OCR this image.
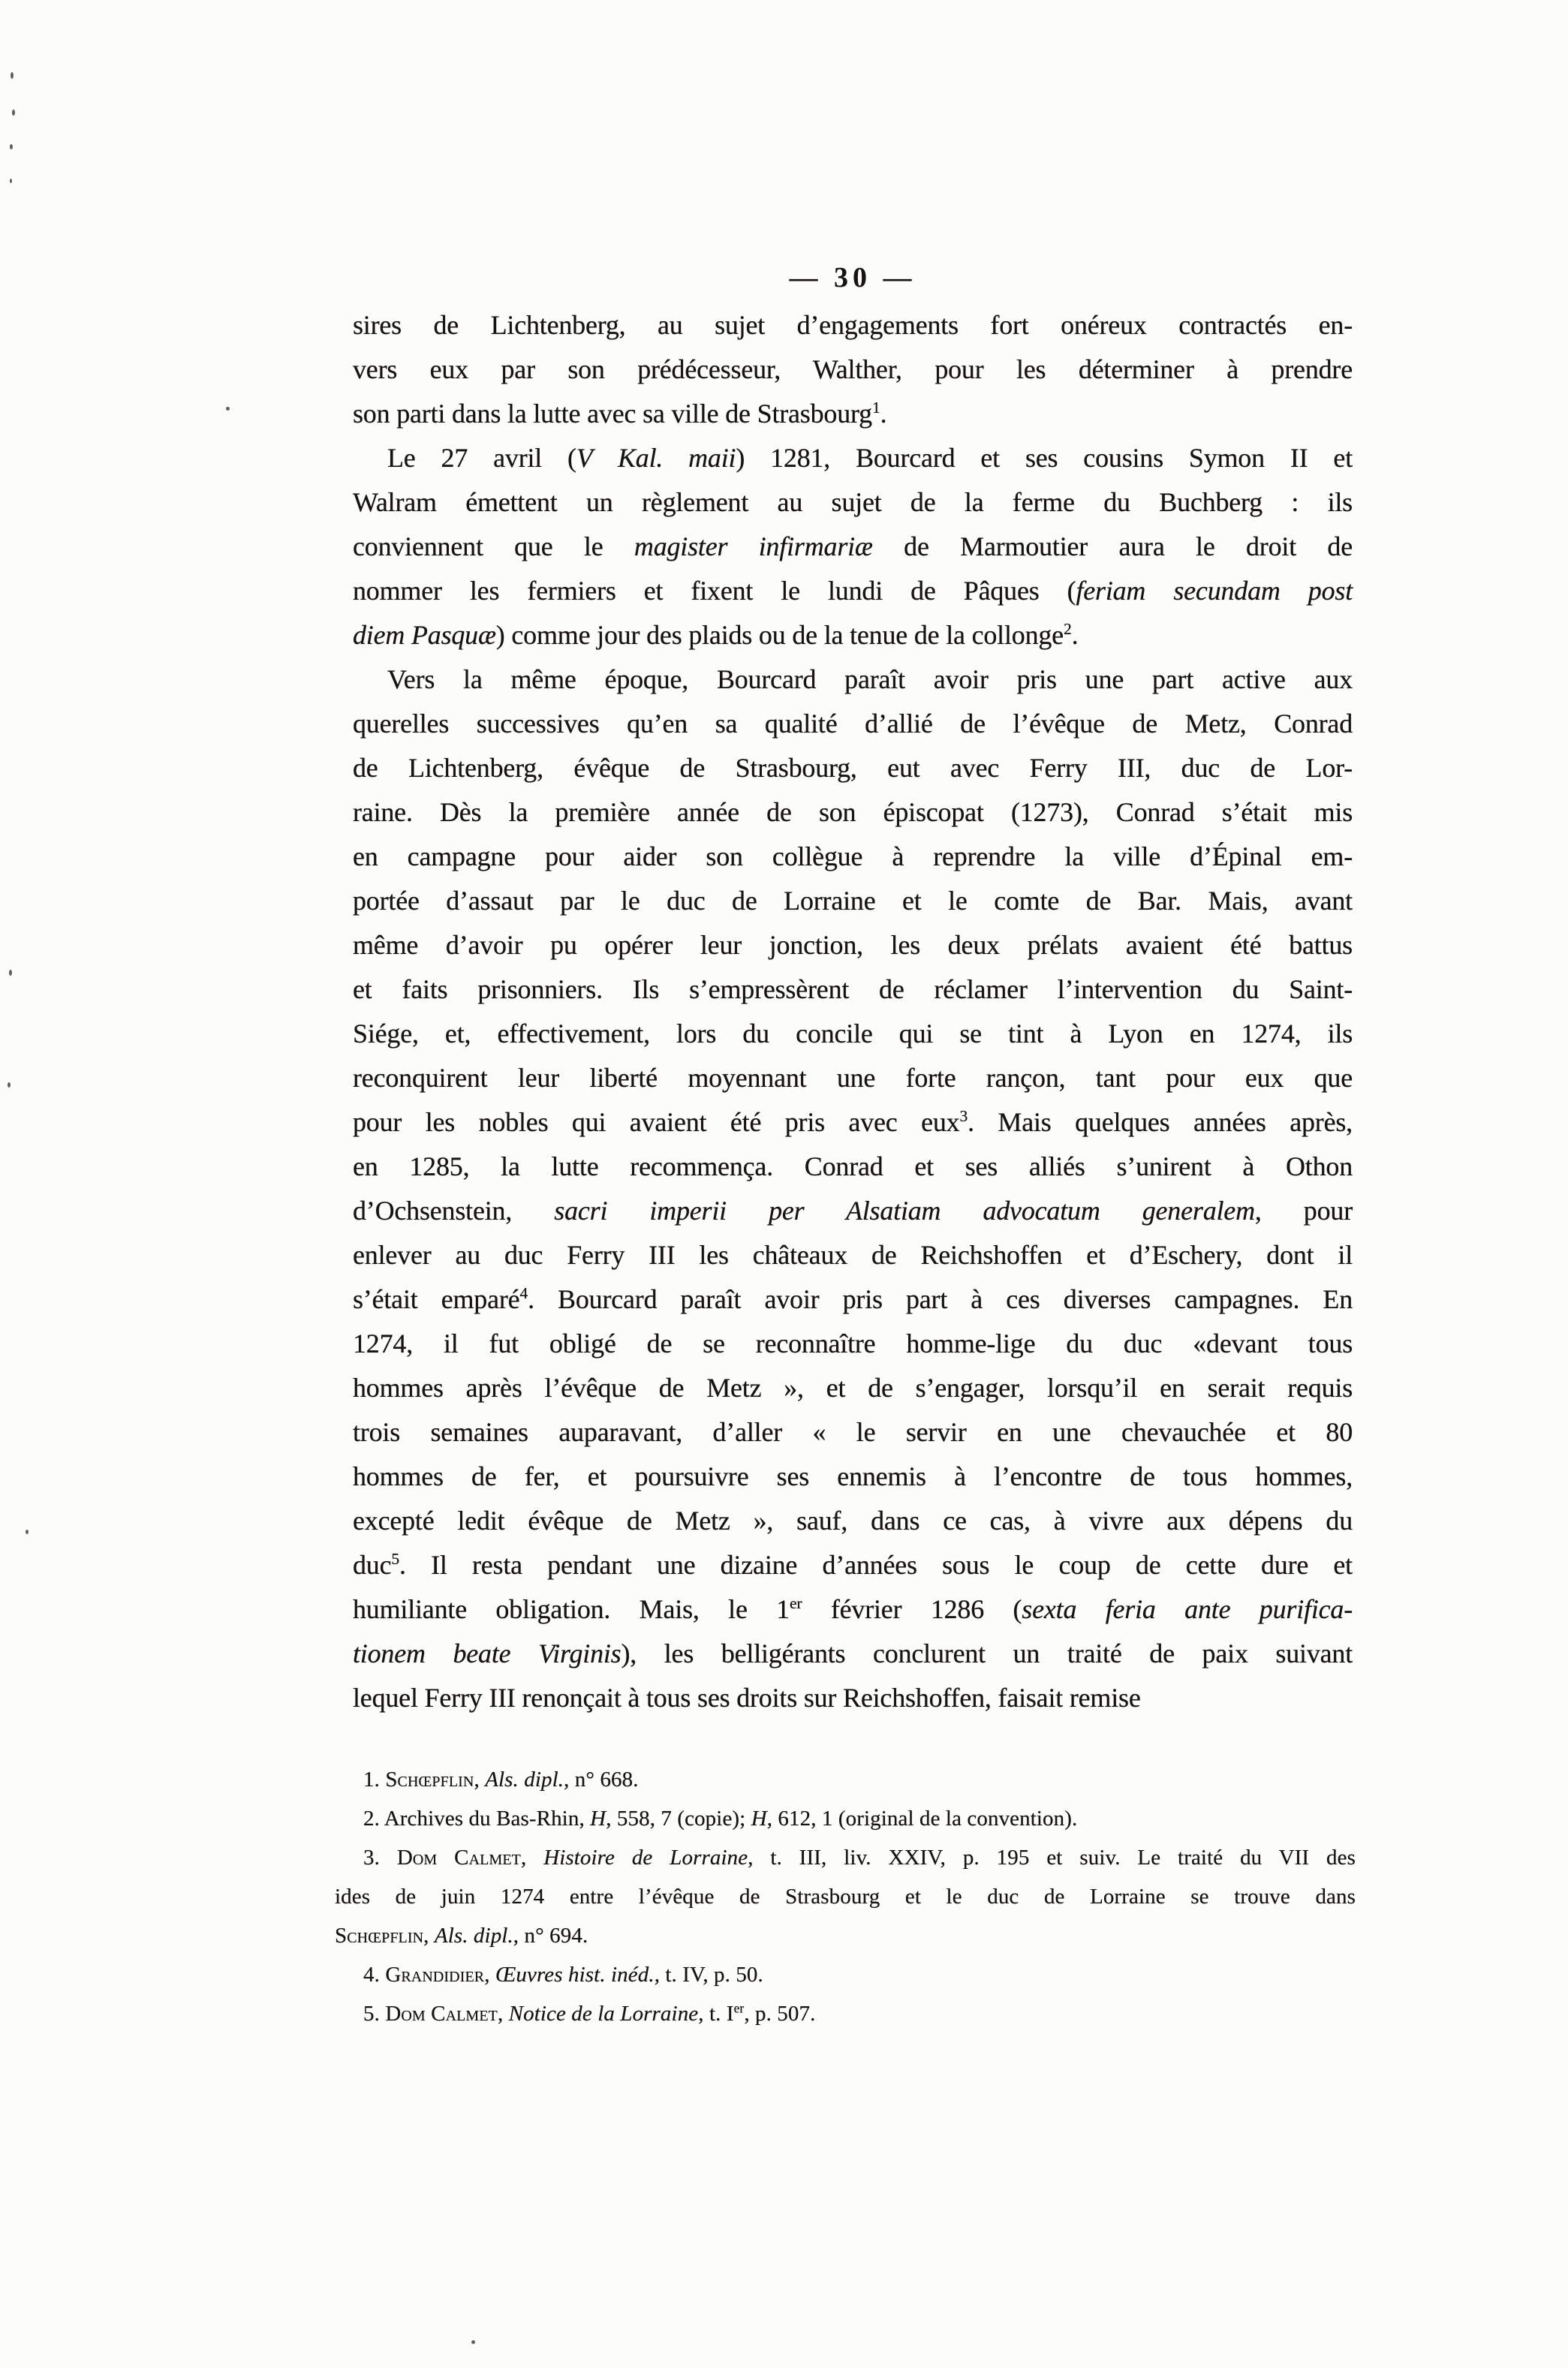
— 30 —
sires de Lichtenberg, au sujet d’engagements fort onéreux contractés en-
vers eux par son prédécesseur, Walther, pour les déterminer à prendre
son parti dans la lutte avec sa ville de Strasbourg$^1$.
Le 27 avril (V Kal. maii) 1281, Bourcard et ses cousins Symon II et
Walram émettent un règlement au sujet de la ferme du Buchberg : ils
conviennent que le magister infirmariæ de Marmoutier aura le droit de
nommer les fermiers et fixent le lundi de Pâques (feriam secundam post
diem Pasquæ) comme jour des plaids ou de la tenue de la collonge$^2$.
Vers la même époque, Bourcard paraît avoir pris une part active aux
querelles successives qu’en sa qualité d’allié de l’évêque de Metz, Conrad
de Lichtenberg, évêque de Strasbourg, eut avec Ferry III, duc de Lor-
raine. Dès la première année de son épiscopat (1273), Conrad s’était mis
en campagne pour aider son collègue à reprendre la ville d’Épinal em-
portée d’assaut par le duc de Lorraine et le comte de Bar. Mais, avant
même d’avoir pu opérer leur jonction, les deux prélats avaient été battus
et faits prisonniers. Ils s’empressèrent de réclamer l’intervention du Saint-
Siége, et, effectivement, lors du concile qui se tint à Lyon en 1274, ils
reconquirent leur liberté moyennant une forte rançon, tant pour eux que
pour les nobles qui avaient été pris avec eux$^3$. Mais quelques années après,
en 1285, la lutte recommença. Conrad et ses alliés s’unirent à Othon
d’Ochsenstein, sacri imperii per Alsatiam advocatum generalem, pour
enlever au duc Ferry III les châteaux de Reichshoffen et d’Eschery, dont il
s’était emparé$^4$. Bourcard paraît avoir pris part à ces diverses campagnes. En
1274, il fut obligé de se reconnaître homme-lige du duc «devant tous
hommes après l’évêque de Metz », et de s’engager, lorsqu’il en serait requis
trois semaines auparavant, d’aller « le servir en une chevauchée et 80
hommes de fer, et poursuivre ses ennemis à l’encontre de tous hommes,
excepté ledit évêque de Metz », sauf, dans ce cas, à vivre aux dépens du
duc$^5$. Il resta pendant une dizaine d’années sous le coup de cette dure et
humiliante obligation. Mais, le 1er février 1286 (sexta feria ante purifica-
tionem beate Virginis), les belligérants conclurent un traité de paix suivant
lequel Ferry III renonçait à tous ses droits sur Reichshoffen, faisait remise
1. Schœpflin, Als. dipl., n° 668.
2. Archives du Bas-Rhin, H, 558, 7 (copie); H, 612, 1 (original de la convention).
3. Dom Calmet, Histoire de Lorraine, t. III, liv. XXIV, p. 195 et suiv. Le traité du VII des
ides de juin 1274 entre l’évêque de Strasbourg et le duc de Lorraine se trouve dans
Schœpflin, Als. dipl., n° 694.
4. Grandidier, Œuvres hist. inéd., t. IV, p. 50.
5. Dom Calmet, Notice de la Lorraine, t. Ier, p. 507.
